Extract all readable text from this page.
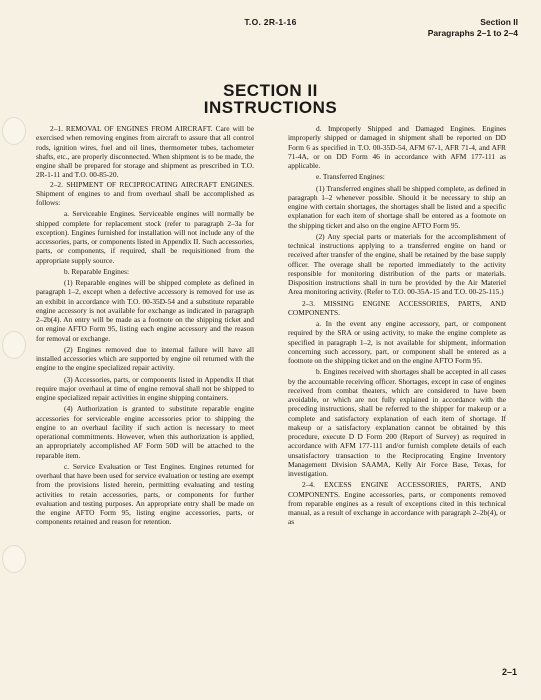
T.O. 2R-1-16	Section II
Paragraphs 2–1 to 2–4
SECTION II
INSTRUCTIONS

2–1. REMOVAL OF ENGINES FROM AIRCRAFT. Care will be exercised when removing engines from aircraft to assure that all control rods, ignition wires, fuel and oil lines, thermometer tubes, tachometer shafts, etc., are properly disconnected. When shipment is to be made, the engine shall be prepared for storage and shipment as prescribed in T.O. 2R-1-11 and T.O. 00-85-20.

2–2. SHIPMENT OF RECIPROCATING AIRCRAFT ENGINES. Shipment of engines to and from overhaul shall be accomplished as follows:

a. Serviceable Engines. Serviceable engines will normally be shipped complete for replacement stock (refer to paragraph 2–3a for exception). Engines furnished for installation will not include any of the accessories, parts, or components listed in Appendix II. Such accessories, parts, or components, if required, shall be requisitioned from the appropriate supply source.

b. Reparable Engines:

(1) Reparable engines will be shipped complete as defined in paragraph 1–2, except when a defective accessory is removed for use as an exhibit in accordance with T.O. 00-35D-54 and a substitute reparable engine accessory is not available for exchange as indicated in paragraph 2–2b(4). An entry will be made as a footnote on the shipping ticket and on engine AFTO Form 95, listing each engine accessory and the reason for removal or exchange.

(2) Engines removed due to internal failure will have all installed accessories which are supported by engine oil returned with the engine to the engine specialized repair activity.

(3) Accessories, parts, or components listed in Appendix II that require major overhaul at time of engine removal shall not be shipped to engine specialized repair activities in engine shipping containers.

(4) Authorization is granted to substitute reparable engine accessories for serviceable engine accessories prior to shipping the engine to an overhaul facility if such action is necessary to meet operational commitments. However, when this authorization is applied, an appropriately accomplished AF Form 50D will be attached to the reparable item.

c. Service Evaluation or Test Engines. Engines returned for overhaul that have been used for service evaluation or testing are exempt from the provisions listed herein, permitting evaluating and testing activities to retain accessories, parts, or components for further evaluation and testing purposes. An appropriate entry shall be made on the engine AFTO Form 95, listing engine accessories, parts, or components retained and reason for retention.

d. Improperly Shipped and Damaged Engines. Engines improperly shipped or damaged in shipment shall be reported on DD Form 6 as specified in T.O. 00-35D-54, AFM 67-1, AFR 71-4, and AFR 71-4A, or on DD Form 46 in accordance with AFM 177-111 as applicable.

e. Transferred Engines:

(1) Transferred engines shall be shipped complete, as defined in paragraph 1–2 whenever possible. Should it be necessary to ship an engine with certain shortages, the shortages shall be listed and a specific explanation for each item of shortage shall be entered as a footnote on the shipping ticket and also on the engine AFTO Form 95.

(2) Any special parts or materials for the accomplishment of technical instructions applying to a transferred engine on hand or received after transfer of the engine, shall be retained by the base supply officer. The overage shall be reported immediately to the activity responsible for monitoring distribution of the parts or materials. Disposition instructions shall in turn be provided by the Air Materiel Area monitoring activity. (Refer to T.O. 00-35A-15 and T.O. 00-25-115.)

2–3. MISSING ENGINE ACCESSORIES, PARTS, AND COMPONENTS.

a. In the event any engine accessory, part, or component required by the SRA or using activity, to make the engine complete as specified in paragraph 1–2, is not available for shipment, information concerning such accessory, part, or component shall be entered as a footnote on the shipping ticket and on the engine AFTO Form 95.

b. Engines received with shortages shall be accepted in all cases by the accountable receiving officer. Shortages, except in case of engines received from combat theaters, which are considered to have been avoidable, or which are not fully explained in accordance with the preceding instructions, shall be referred to the shipper for makeup or a complete and satisfactory explanation of each item of shortage. If makeup or a satisfactory explanation cannot be obtained by this procedure, execute D D Form 200 (Report of Survey) as required in accordance with AFM 177-111 and/or furnish complete details of each unsatisfactory transaction to the Reciprocating Engine Inventory Management Division SAAMA, Kelly Air Force Base, Texas, for investigation.

2–4. EXCESS ENGINE ACCESSORIES, PARTS, AND COMPONENTS. Engine accessories, parts, or components removed from reparable engines as a result of exceptions cited in this technical manual, as a result of exchange in accordance with paragraph 2–2b(4), or as

2–1
